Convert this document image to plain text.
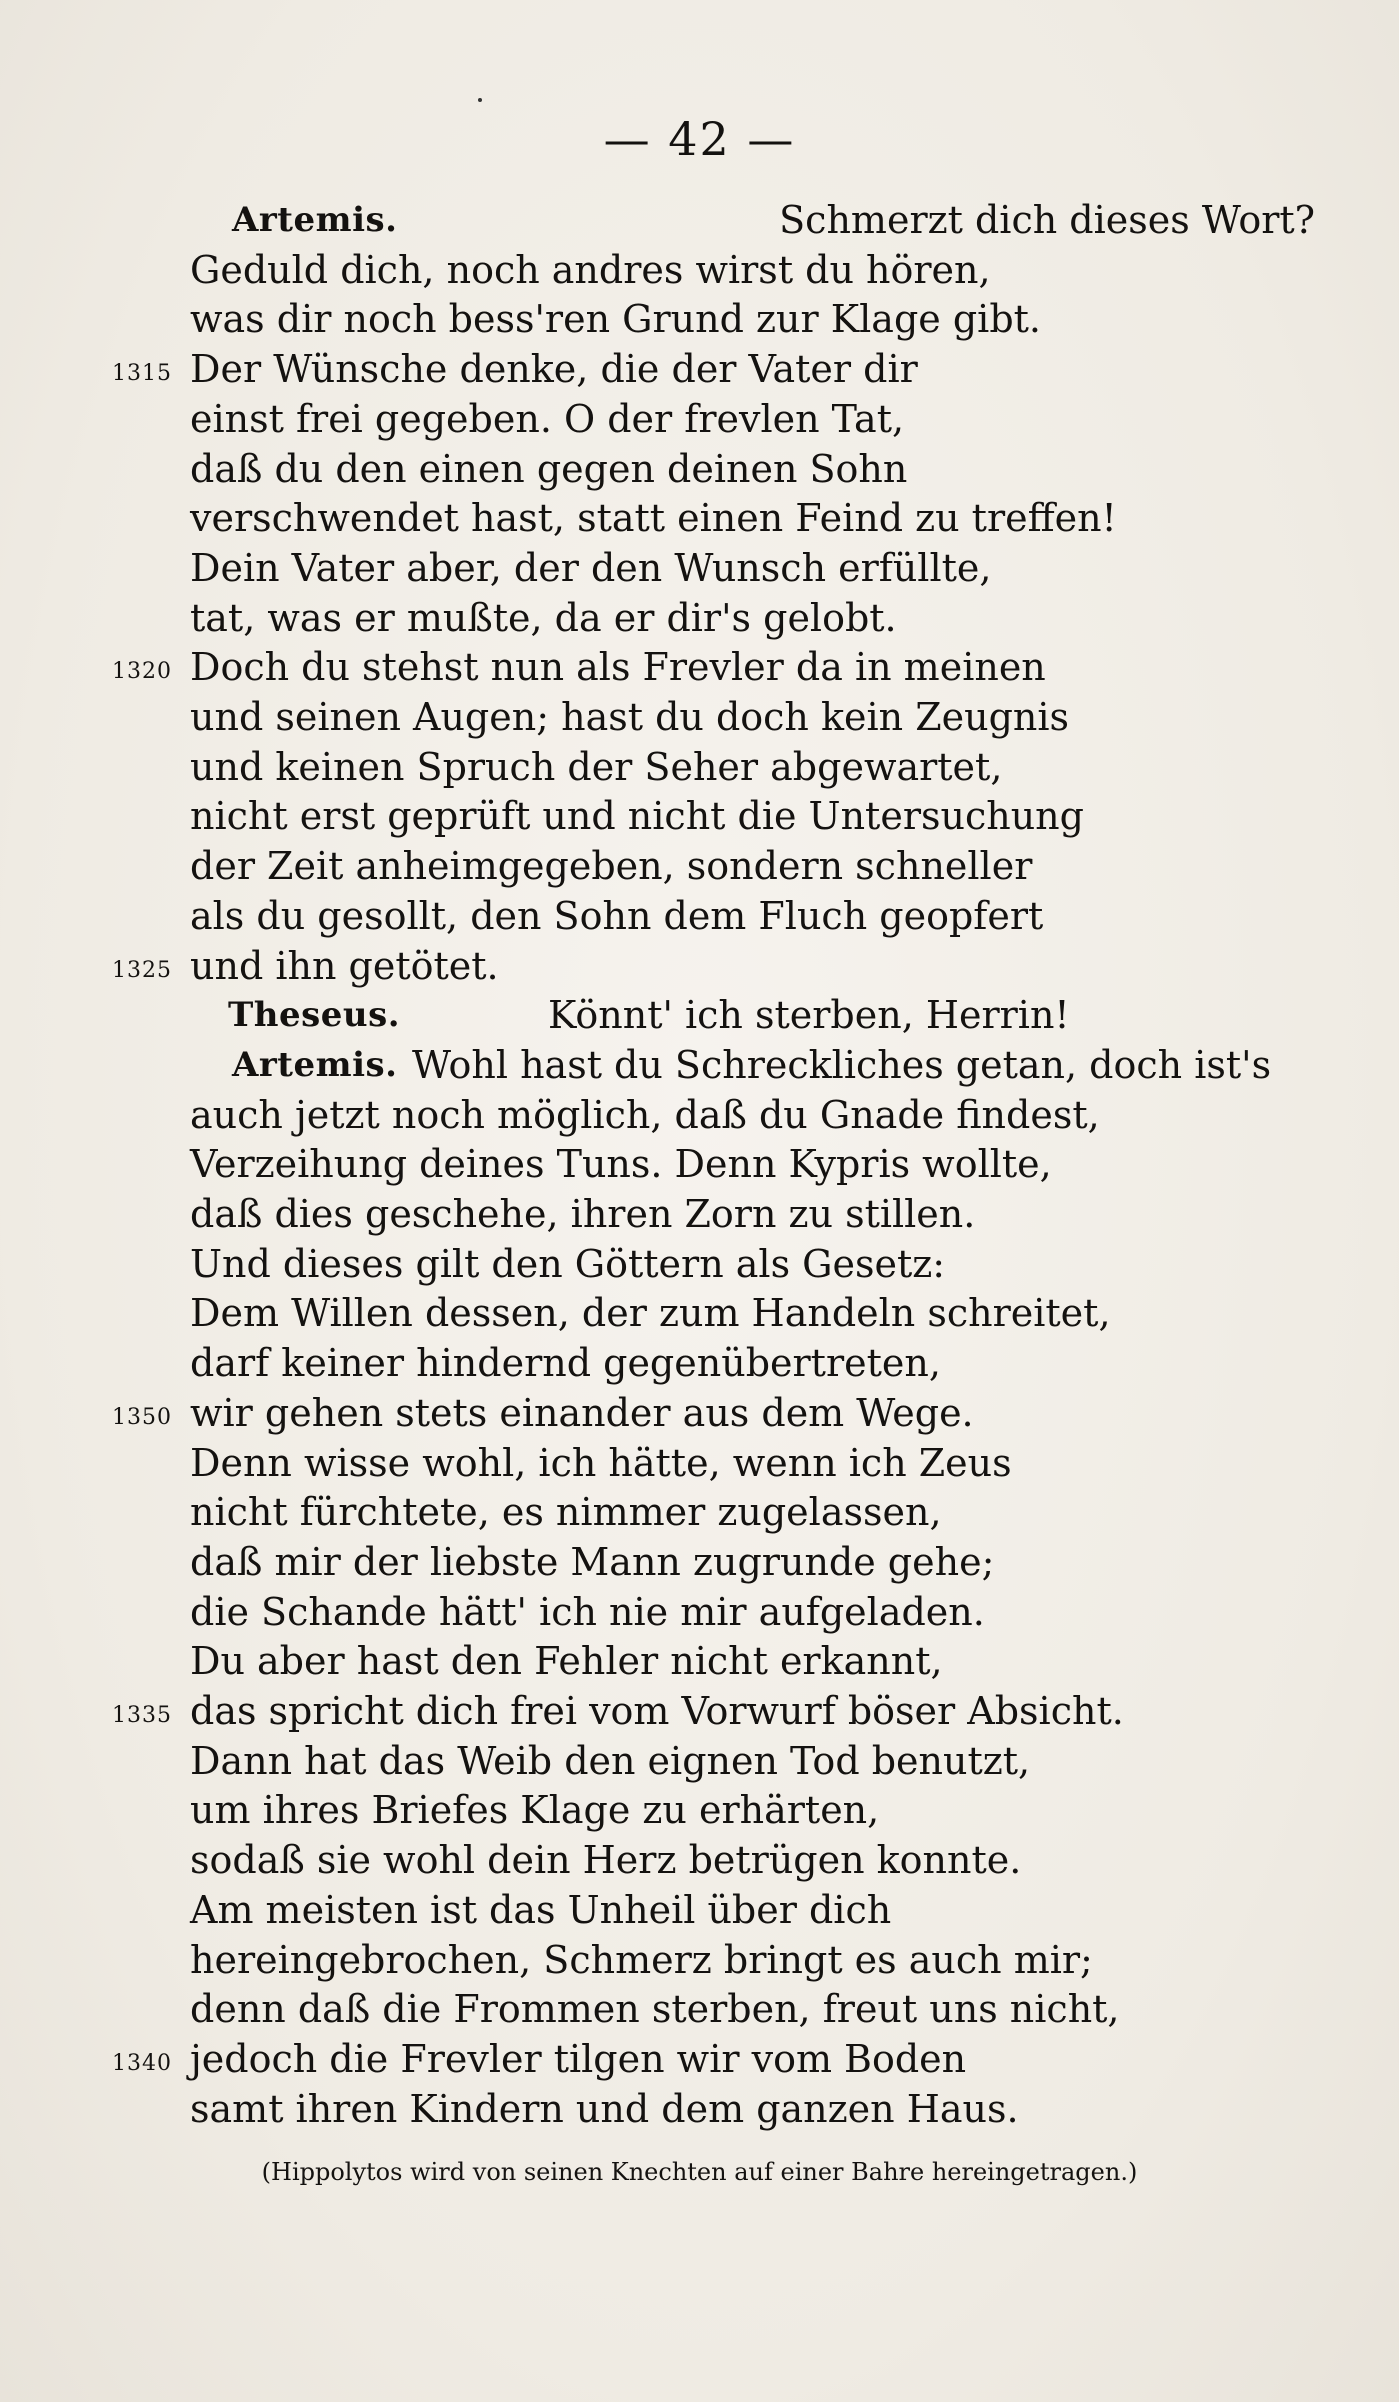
— 42 —
Artemis.	Schmerzt dich dieses Wort?
Geduld dich, noch andres wirst du hören,
was dir noch bess'ren Grund zur Klage gibt.
1315 Der Wünsche denke, die der Vater dir
einst frei gegeben. O der frevlen Tat,
daß du den einen gegen deinen Sohn
verschwendet hast, statt einen Feind zu treffen!
Dein Vater aber, der den Wunsch erfüllte,
tat, was er mußte, da er dir's gelobt.
1320 Doch du stehst nun als Frevler da in meinen
und seinen Augen; hast du doch kein Zeugnis
und keinen Spruch der Seher abgewartet,
nicht erst geprüft und nicht die Untersuchung
der Zeit anheimgegeben, sondern schneller
als du gesollt, den Sohn dem Fluch geopfert
1325 und ihn getötet.
Theseus.	Könnt' ich sterben, Herrin!
Artemis. Wohl hast du Schreckliches getan, doch ist's
auch jetzt noch möglich, daß du Gnade findest,
Verzeihung deines Tuns. Denn Kypris wollte,
daß dies geschehe, ihren Zorn zu stillen.
Und dieses gilt den Göttern als Gesetz:
Dem Willen dessen, der zum Handeln schreitet,
darf keiner hindernd gegenübertreten,
1350 wir gehen stets einander aus dem Wege.
Denn wisse wohl, ich hätte, wenn ich Zeus
nicht fürchtete, es nimmer zugelassen,
daß mir der liebste Mann zugrunde gehe;
die Schande hätt' ich nie mir aufgeladen.
Du aber hast den Fehler nicht erkannt,
1335 das spricht dich frei vom Vorwurf böser Absicht.
Dann hat das Weib den eignen Tod benutzt,
um ihres Briefes Klage zu erhärten,
sodaß sie wohl dein Herz betrügen konnte.
Am meisten ist das Unheil über dich
hereingebrochen, Schmerz bringt es auch mir;
denn daß die Frommen sterben, freut uns nicht,
1340 jedoch die Frevler tilgen wir vom Boden
samt ihren Kindern und dem ganzen Haus.
(Hippolytos wird von seinen Knechten auf einer Bahre hereingetragen.)
